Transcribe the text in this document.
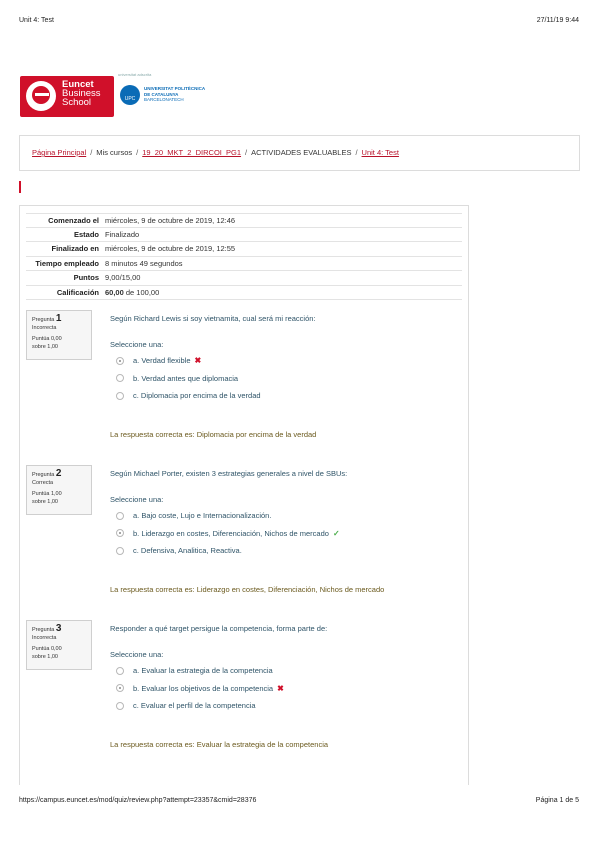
Unit 4: Test	27/11/19 9:44
Euncet
Business
School
universitat adscrita
UPC
UNIVERSITAT POLITÈCNICA
DE CATALUNYA
BARCELONATECH
Página Principal / Mis cursos / 19_20_MKT_2_DIRCOI_PG1 / ACTIVIDADES EVALUABLES / Unit 4: Test
Comenzado el miércoles, 9 de octubre de 2019, 12:46
Estado Finalizado
Finalizado en miércoles, 9 de octubre de 2019, 12:55
Tiempo empleado 8 minutos 49 segundos
Puntos 9,00/15,00
Calificación 60,00 de 100,00
Pregunta 1
Incorrecta
Puntúa 0,00
sobre 1,00
Según Richard Lewis si soy vietnamita, cual será mi reacción:
Seleccione una:
a. Verdad flexible ✖
b. Verdad antes que diplomacia
c. Diplomacia por encima de la verdad
La respuesta correcta es: Diplomacia por encima de la verdad
Pregunta 2
Correcta
Puntúa 1,00
sobre 1,00
Según Michael Porter, existen 3 estrategias generales a nivel de SBUs:
Seleccione una:
a. Bajo coste, Lujo e Internacionalización.
b. Liderazgo en costes, Diferenciación, Nichos de mercado ✓
c. Defensiva, Analitica, Reactiva.
La respuesta correcta es: Liderazgo en costes, Diferenciación, Nichos de mercado
Pregunta 3
Incorrecta
Puntúa 0,00
sobre 1,00
Responder a qué target persigue la competencia, forma parte de:
Seleccione una:
a. Evaluar la estrategia de la competencia
b. Evaluar los objetivos de la competencia ✖
c. Evaluar el perfil de la competencia
La respuesta correcta es: Evaluar la estrategia de la competencia
https://campus.euncet.es/mod/quiz/review.php?attempt=23357&cmid=28376	Página 1 de 5
